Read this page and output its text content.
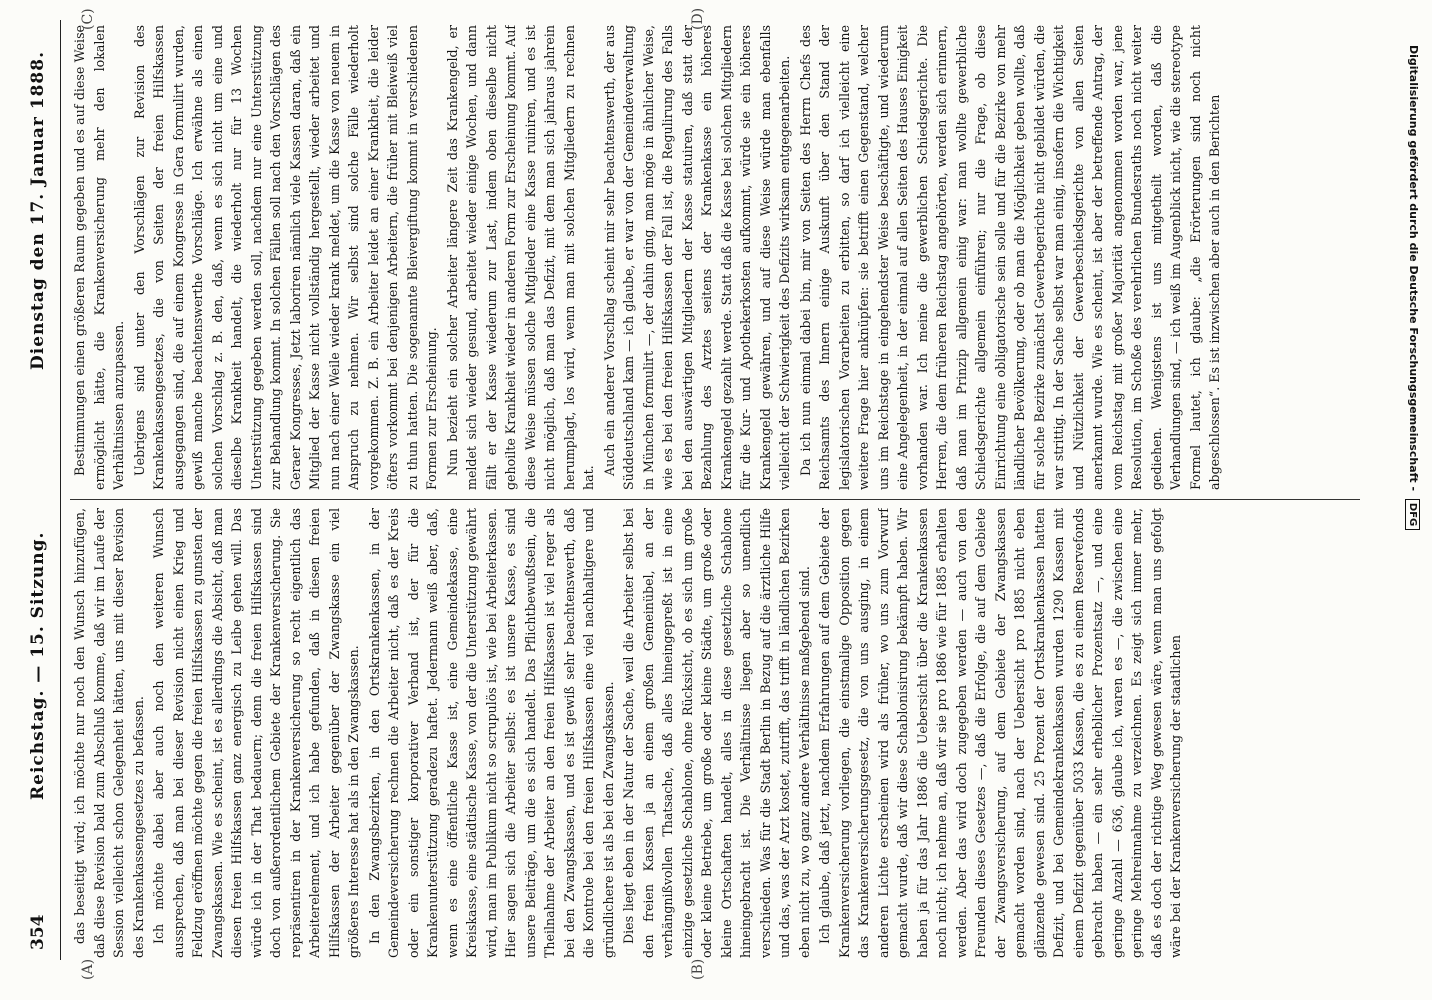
354
Reichstag. — 15. Sitzung.
Dienstag den 17. Januar 1888.

das beseitigt wird; ich möchte nur noch den Wunsch hinzufügen, daß diese Revision bald zum Abschluß komme, daß wir im Laufe der Session vielleicht schon Gelegenheit hätten, uns mit dieser Revision des Krankenkassengesetzes zu befassen. Ich möchte dabei aber auch noch den weiteren Wunsch aussprechen, daß man bei dieser Revision nicht einen Krieg und Feldzug eröffnen möchte gegen die freien Hilfskassen zu gunsten der Zwangskassen. Wie es scheint, ist es allerdings die Absicht, daß man diesen freien Hilfskassen ganz energisch zu Leibe gehen will. Das würde ich in der That bedauern; denn die freien Hilfskassen sind doch von außerordentlichem Gebiete der Krankenversicherung. Sie repräsentiren in der Krankenversicherung so recht eigentlich das Arbeiterelement, und ich habe gefunden, daß in diesen freien Hilfskassen der Arbeiter gegenüber der Zwangskasse ein viel größeres Interesse hat als in den Zwangskassen. In den Zwangsbezirken, in den Ortskrankenkassen, in der Gemeindeversicherung rechnen die Arbeiter nicht, daß es der Kreis oder ein sonstiger korporativer Verband ist, der für die Krankenunterstützung geradezu haftet. Jedermann weiß aber, daß, wenn es eine öffentliche Kasse ist, eine Gemeindekasse, eine Kreiskasse, eine städtische Kasse, von der die Unterstützung gewährt wird, man im Publikum nicht so scrupulös ist, wie bei Arbeiterkassen. Hier sagen sich die Arbeiter selbst: es ist unsere Kasse, es sind unsere Beiträge, um die es sich handelt. Das Pflichtbewußtsein, die Theilnahme der Arbeiter an den freien Hilfskassen ist viel reger als bei den Zwangskassen, und es ist gewiß sehr beachtenswerth, daß die Kontrole bei den freien Hilfskassen eine viel nachhaltigere und gründlichere ist als bei den Zwangskassen. Dies liegt eben in der Natur der Sache, weil die Arbeiter selbst bei den freien Kassen ja an einem großen Gemeinübel, an der verhängnißvollen Thatsache, daß alles hineingepreßt ist in eine einzige gesetzliche Schablone, ohne Rücksicht, ob es sich um große oder kleine Betriebe, um große oder kleine Städte, um große oder kleine Ortschaften handelt, alles in diese gesetzliche Schablone hineingebracht ist. Die Verhältnisse liegen aber so unendlich verschieden. Was für die Stadt Berlin in Bezug auf die ärztliche Hilfe und das, was der Arzt kostet, zutrifft, das trifft in ländlichen Bezirken eben nicht zu, wo ganz andere Verhältnisse maßgebend sind. Ich glaube, daß jetzt, nachdem Erfahrungen auf dem Gebiete der Krankenversicherung vorliegen, die einstmalige Opposition gegen das Krankenversicherungsgesetz, die von uns ausging, in einem anderen Lichte erscheinen wird als früher, wo uns zum Vorwurf gemacht wurde, daß wir diese Schablonisirung bekämpft haben. Wir haben ja für das Jahr 1886 die Uebersicht über die Krankenkassen noch nicht; ich nehme an, daß wir sie pro 1886 wie für 1885 erhalten werden. Aber das wird doch zugegeben werden — auch von den Freunden dieses Gesetzes —, daß die Erfolge, die auf dem Gebiete der Zwangsversicherung, auf dem Gebiete der Zwangskassen gemacht worden sind, nach der Uebersicht pro 1885 nicht eben glänzende gewesen sind. 25 Prozent der Ortskrankenkassen hatten Defizit, und bei Gemeindekrankenkassen wurden 1290 Kassen mit einem Defizit gegenüber 5033 Kassen, die es zu einem Reservefonds gebracht haben — ein sehr erheblicher Prozentsatz —, und eine geringe Anzahl — 636, glaube ich, waren es —, die zwischen eine geringe Mehreinnahme zu verzeichnen. Es zeigt sich immer mehr, daß es doch der richtige Weg gewesen wäre, wenn man uns gefolgt wäre bei der Krankenversicherung der staatlichen

Bestimmungen einen größeren Raum gegeben und es auf diese Weise ermöglicht hätte, die Krankenversicherung mehr den lokalen Verhältnissen anzupassen. Uebrigens sind unter den Vorschlägen zur Revision des Krankenkassengesetzes, die von Seiten der freien Hilfskassen ausgegangen sind, die auf einem Kongresse in Gera formulirt wurden, gewiß manche beachtenswerthe Vorschläge. Ich erwähne als einen solchen Vorschlag z. B. den, daß, wenn es sich nicht um eine und dieselbe Krankheit handelt, die wiederholt nur für 13 Wochen Unterstützung gegeben werden soll, nachdem nur eine Unterstützung zur Behandlung kommt. In solchen Fällen soll nach den Vorschlägen des Geraer Kongresses, Jetzt laboriren nämlich viele Kassen daran, daß ein Mitglied der Kasse nicht vollständig hergestellt, wieder arbeitet und nun nach einer Weile wieder krank meldet, um die Kasse von neuem in Anspruch zu nehmen. Wir selbst sind solche Fälle wiederholt vorgekommen. Z. B. ein Arbeiter leidet an einer Krankheit, die leider öfters vorkommt bei denjenigen Arbeitern, die früher mit Bleiweiß viel zu thun hatten. Die sogenannte Bleivergiftung kommt in verschiedenen Formen zur Erscheinung. Nun bezieht ein solcher Arbeiter längere Zeit das Krankengeld, er meldet sich wieder gesund, arbeitet wieder einige Wochen, und dann fällt er der Kasse wiederum zur Last, indem oben dieselbe nicht gehoilte Krankheit wieder in anderen Form zur Erscheinung kommt. Auf diese Weise müssen solche Mitglieder eine Kasse ruiniren, und es ist nicht möglich, daß man das Defizit, mit dem man sich jahraus jahrein herumplagt, los wird, wenn man mit solchen Mitgliedern zu rechnen hat.

Auch ein anderer Vorschlag scheint mir sehr beachtenswerth, der aus Süddeutschland kam — ich glaube, er war von der Gemeindeverwaltung in München formulirt —, der dahin ging, man möge in ähnlicher Weise, wie es bei den freien Hilfskassen der Fall ist, die Regulirung des Falls bei den auswärtigen Mitgliedern der Kasse statuiren, daß statt der Bezahlung des Arztes seitens der Krankenkasse ein höheres Krankengeld gezahlt werde. Statt daß die Kasse bei solchen Mitgliedern für die Kur- und Apothekerkosten aufkommt, würde sie ein höheres Krankengeld gewähren, und auf diese Weise würde man ebenfalls vielleicht der Schwierigkeit des Defizits wirksam entgegenarbeiten. Da ich nun einmal dabei bin, mir von Seiten des Herrn Chefs des Reichsamts des Innern einige Auskunft über den Stand der legislatorischen Vorarbeiten zu erbitten, so darf ich vielleicht eine weitere Frage hier anknüpfen: sie betrifft einen Gegenstand, welcher uns im Reichstage in eingehendster Weise beschäftigte, und wiederum eine Angelegenheit, in der einmal auf allen Seiten des Hauses Einigkeit vorhanden war. Ich meine die gewerblichen Schiedsgerichte. Die Herren, die dem früheren Reichstag angehörten, werden sich erinnern, daß man im Prinzip allgemein einig war: man wollte gewerbliche Schiedsgerichte allgemein einführen; nur die Frage, ob diese Einrichtung eine obligatorische sein solle und für die Bezirke von mehr ländlicher Bevölkerung, oder ob man die Möglichkeit geben wollte, daß für solche Bezirke zunächst Gewerbegerichte nicht gebildet würden, die war strittig. In der Sache selbst war man einig, insofern die Wichtigkeit und Nützlichkeit der Gewerbeschiedsgerichte von allen Seiten anerkannt wurde. Wie es scheint, ist aber der betreffende Antrag, der vom Reichstag mit großer Majorität angenommen worden war, jene Resolution, im Schoße des verehrlichen Bundesraths noch nicht weiter gediehen. Wenigstens ist uns mitgetheilt worden, daß die Verhandlungen sind, — ich weiß im Augenblick nicht, wie die stereotype Formel lautet, ich glaube: „die Erörterungen sind noch nicht abgeschlossen“. Es ist inzwischen aber auch in den Berichten

(A)	(B)
(C)	(D)
Digitalisierung gefördert durch die Deutsche Forschungsgemeinschaft - DFG
